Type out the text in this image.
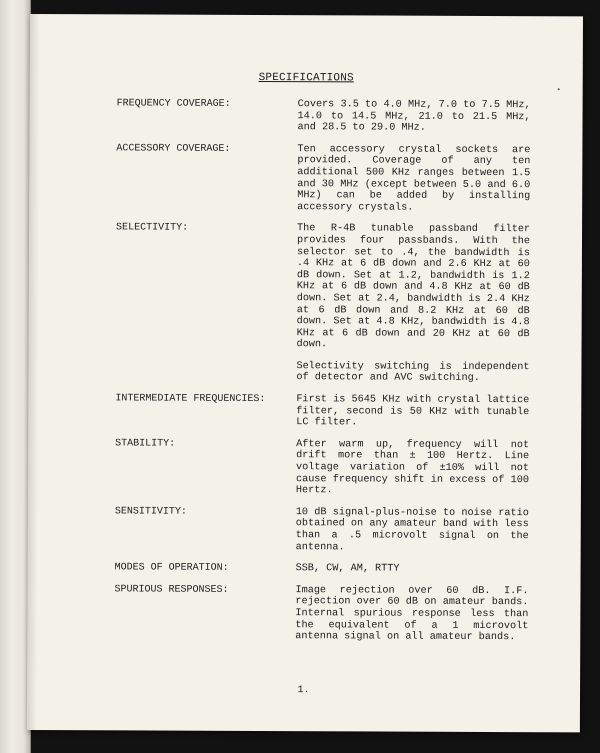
SPECIFICATIONS
FREQUENCY COVERAGE:	Covers 3.5 to 4.0 MHz, 7.0 to 7.5 MHz, 14.0 to 14.5 MHz, 21.0 to 21.5 MHz, and 28.5 to 29.0 MHz.

ACCESSORY COVERAGE:	Ten accessory crystal sockets are provided. Coverage of any ten additional 500 KHz ranges between 1.5 and 30 MHz (except between 5.0 and 6.0 MHz) can be added by installing accessory crystals.

SELECTIVITY:	The R-4B tunable passband filter provides four passbands. With the selector set to .4, the bandwidth is .4 KHz at 6 dB down and 2.6 KHz at 60 dB down. Set at 1.2, bandwidth is 1.2 KHz at 6 dB down and 4.8 KHz at 60 dB down. Set at 2.4, bandwidth is 2.4 KHz at 6 dB down and 8.2 KHz at 60 dB down. Set at 4.8 KHz, bandwidth is 4.8 KHz at 6 dB down and 20 KHz at 60 dB down.

Selectivity switching is independent of detector and AVC switching.

INTERMEDIATE FREQUENCIES:	First is 5645 KHz with crystal lattice filter, second is 50 KHz with tunable LC filter.

STABILITY:	After warm up, frequency will not drift more than ± 100 Hertz. Line voltage variation of ±10% will not cause frequency shift in excess of 100 Hertz.

SENSITIVITY:	10 dB signal-plus-noise to noise ratio obtained on any amateur band with less than a .5 microvolt signal on the antenna.

MODES OF OPERATION:	SSB, CW, AM, RTTY

SPURIOUS RESPONSES:	Image rejection over 60 dB. I.F. rejection over 60 dB on amateur bands. Internal spurious response less than the equivalent of a 1 microvolt antenna signal on all amateur bands.

1.
